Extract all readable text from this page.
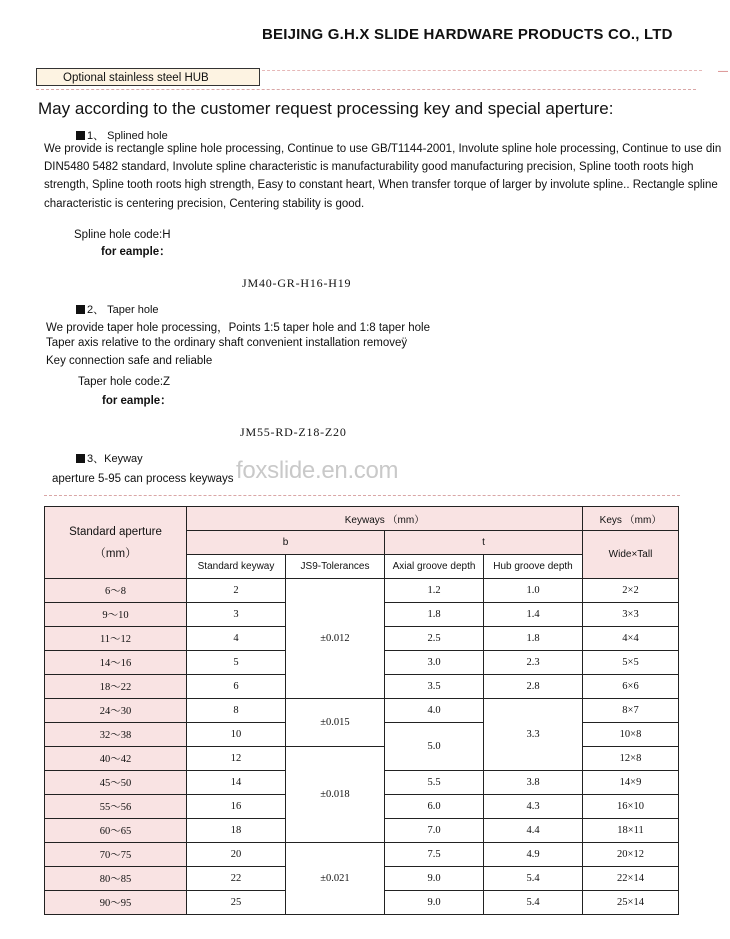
BEIJING G.H.X SLIDE HARDWARE PRODUCTS CO., LTD
—
Optional stainless steel HUB
May according to the customer request processing key and special aperture:
1、 Splined hole
We provide is rectangle spline hole processing, Continue to use GB/T1144-2001, Involute spline hole processing, Continue to use din DIN5480 5482 standard, Involute spline characteristic is manufacturability good manufacturing precision, Spline tooth roots high strength, Spline tooth roots high strength, Easy to constant heart, When transfer torque of larger by involute spline.. Rectangle spline characteristic is centering precision, Centering stability is good.
Spline hole code:H
for eample：
JM40-GR-H16-H19
2、 Taper hole
We provide taper hole processing，Points 1:5 taper hole and 1:8 taper hole
Taper axis relative to the ordinary shaft convenient installation removeÿ
Key connection safe and reliable
Taper hole code:Z
for eample：
JM55-RD-Z18-Z20
3、Keyway
aperture 5-95 can process keyways foxslide.en.com
Standard aperture
（mm）	Keyways （mm）				Keys （mm）
	b		t		Wide×Tall
	Standard keyway	JS9-Tolerances	Axial groove depth	Hub groove depth	
6～8	2	±0.012	1.2	1.0	2×2
9～10	3		1.8	1.4	3×3
11～12	4		2.5	1.8	4×4
14～16	5		3.0	2.3	5×5
18～22	6		3.5	2.8	6×6
24～30	8	±0.015	4.0	3.3	8×7
32～38	10		5.0		10×8
40～42	12	±0.018			12×8
45～50	14		5.5	3.8	14×9
55～56	16		6.0	4.3	16×10
60～65	18		7.0	4.4	18×11
70～75	20	±0.021	7.5	4.9	20×12
80～85	22		9.0	5.4	22×14
90～95	25		9.0	5.4	25×14
